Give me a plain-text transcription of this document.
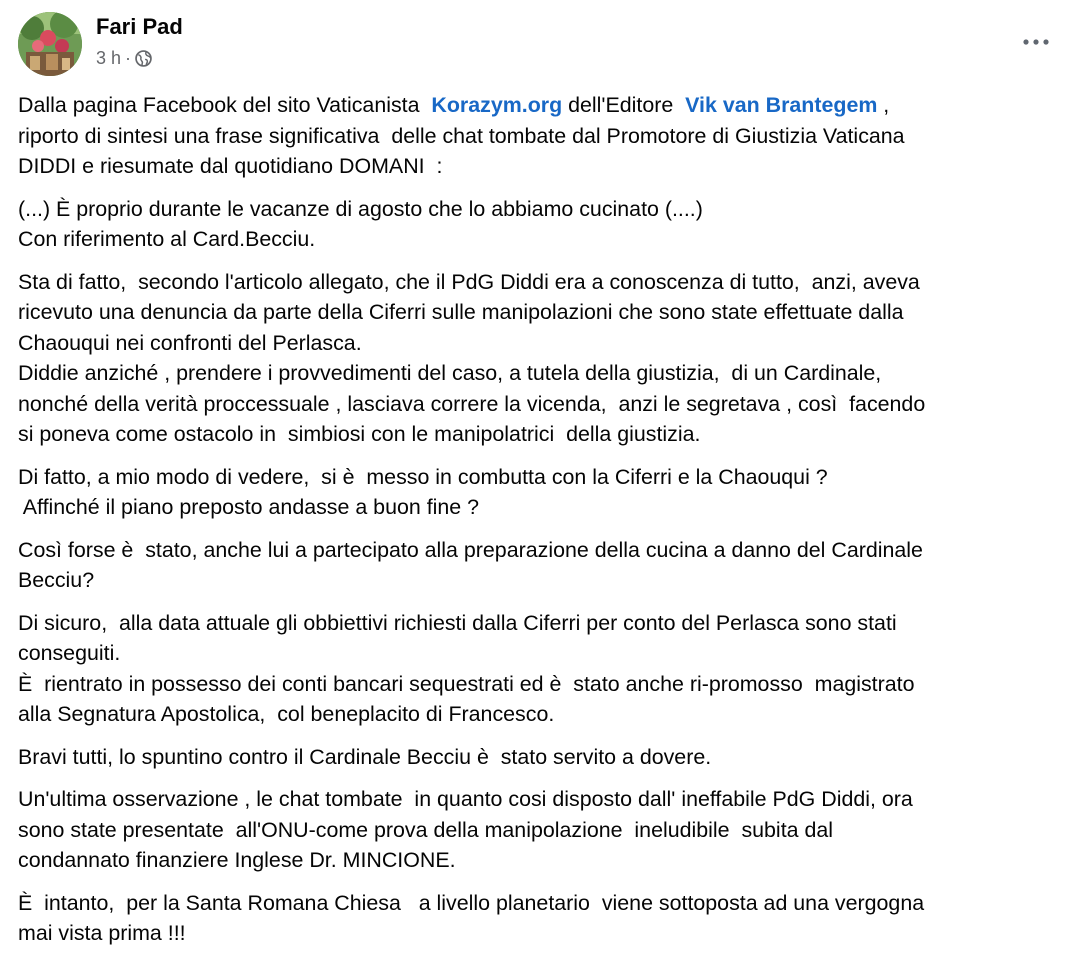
Fari Pad
3 h ·

Dalla pagina Facebook del sito Vaticanista  Korazym.org dell'Editore  Vik van Brantegem ,
riporto di sintesi una frase significativa  delle chat tombate dal Promotore di Giustizia Vaticana
DIDDI e riesumate dal quotidiano DOMANI  :

(...) È proprio durante le vacanze di agosto che lo abbiamo cucinato (....)
Con riferimento al Card.Becciu.

Sta di fatto,  secondo l'articolo allegato, che il PdG Diddi era a conoscenza di tutto,  anzi, aveva
ricevuto una denuncia da parte della Ciferri sulle manipolazioni che sono state effettuate dalla
Chaouqui nei confronti del Perlasca.
Diddie anziché , prendere i provvedimenti del caso, a tutela della giustizia,  di un Cardinale,
nonché della verità proccessuale , lasciava correre la vicenda,  anzi le segretava , così  facendo
si poneva come ostacolo in  simbiosi con le manipolatrici  della giustizia.

Di fatto, a mio modo di vedere,  si è  messo in combutta con la Ciferri e la Chaouqui ?
Affinché il piano preposto andasse a buon fine ?

Così forse è  stato, anche lui a partecipato alla preparazione della cucina a danno del Cardinale
Becciu?

Di sicuro,  alla data attuale gli obbiettivi richiesti dalla Ciferri per conto del Perlasca sono stati
conseguiti.
È  rientrato in possesso dei conti bancari sequestrati ed è  stato anche ri-promosso  magistrato
alla Segnatura Apostolica,  col beneplacito di Francesco.

Bravi tutti, lo spuntino contro il Cardinale Becciu è  stato servito a dovere.

Un'ultima osservazione , le chat tombate  in quanto cosi disposto dall' ineffabile PdG Diddi, ora
sono state presentate  all'ONU-come prova della manipolazione  ineludibile  subita dal
condannato finanziere Inglese Dr. MINCIONE.

È  intanto,  per la Santa Romana Chiesa   a livello planetario  viene sottoposta ad una vergogna
mai vista prima !!!
